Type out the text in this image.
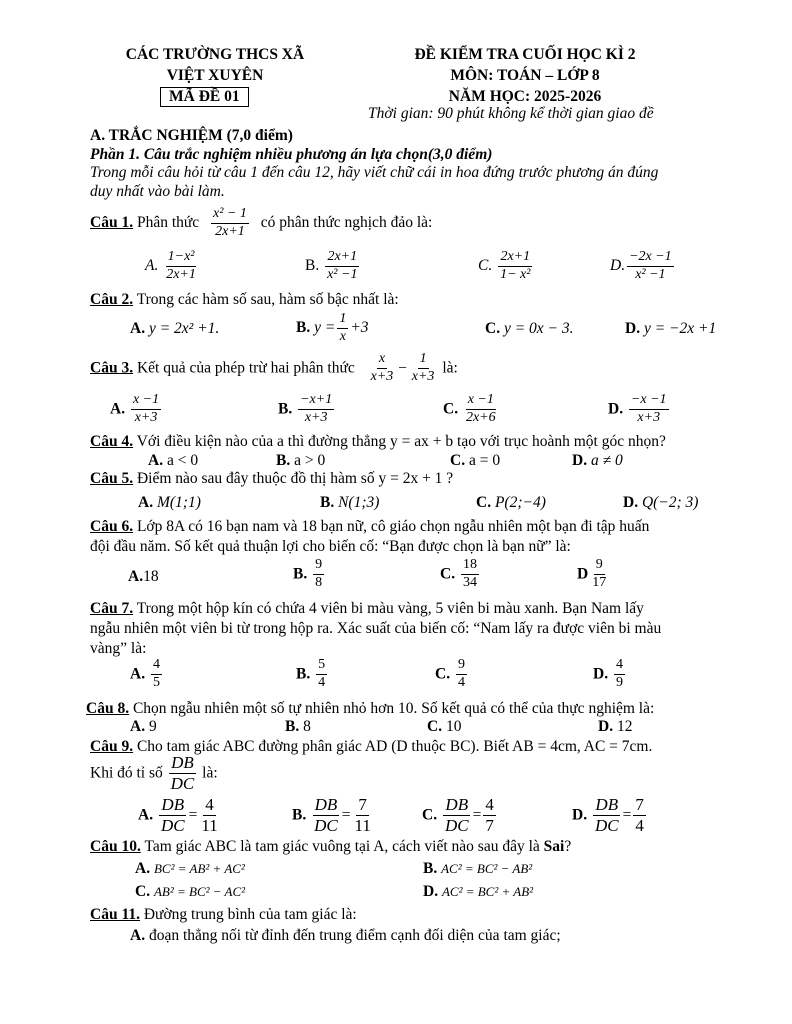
CÁC TRƯỜNG THCS XÃ
VIỆT XUYÊN
MÃ ĐỀ 01
ĐỀ KIỂM TRA CUỐI HỌC KÌ 2
MÔN: TOÁN – LỚP 8
NĂM HỌC: 2025-2026
Thời gian: 90 phút không kể thời gian giao đề
A. TRẮC NGHIỆM (7,0 điểm)
Phần 1. Câu trắc nghiệm nhiều phương án lựa chọn(3,0 điểm)
Trong mỗi câu hỏi từ câu 1 đến câu 12, hãy viết chữ cái in hoa đứng trước phương án đúng
duy nhất vào bài làm.
Câu 1. Phân thức $\frac{\text{x² − 1}}{2x+1}$ có phân thức nghịch đảo là:
A. $\frac{\text{1−x²}}{2x+1}$	B. $\frac{2x+1}{\text{x² −1}}$	C. $\frac{2x+1}{\text{1− x²}}$	D. $\frac{-2x -1}{\text{x² −1}}$
Câu 2. Trong các hàm số sau, hàm số bậc nhất là:
A. y = 2x² +1.	B. $y = \frac{1}{x} +3$	C. y = 0x − 3.	D. y = −2x +1
Câu 3. Kết quả của phép trừ hai phân thức $\frac{x}{x+3} - \frac{1}{x+3}$ là:
A. $\frac{x -1}{x+3}$	B. $\frac{-x+1}{x+3}$	C. $\frac{x -1}{2x+6}$	D. $\frac{-x -1}{x+3}$
Câu 4. Với điều kiện nào của a thì đường thẳng y = ax + b tạo với trục hoành một góc nhọn?
A. a < 0	B. a > 0	C. a = 0	D. a ≠ 0
Câu 5. Điểm nào sau đây thuộc đồ thị hàm số y = 2x + 1 ?
A. M(1;1)	B. N(1;3)	C. P(2;−4)	D. Q(−2; 3)
Câu 6. Lớp 8A có 16 bạn nam và 18 bạn nữ, cô giáo chọn ngẫu nhiên một bạn đi tập huấn
đội đầu năm. Số kết quả thuận lợi cho biến cố: “Bạn được chọn là bạn nữ” là:
A.18	B. $\frac{9}{8}$	C. $\frac{18}{34}$	D $\frac{9}{17}$
Câu 7. Trong một hộp kín có chứa 4 viên bi màu vàng, 5 viên bi màu xanh. Bạn Nam lấy
ngẫu nhiên một viên bi từ trong hộp ra. Xác suất của biến cố: “Nam lấy ra được viên bi màu
vàng” là:
A. $\frac{4}{5}$	B. $\frac{5}{4}$	C. $\frac{9}{4}$	D. $\frac{4}{9}$
Câu 8. Chọn ngẫu nhiên một số tự nhiên nhỏ hơn 10. Số kết quả có thể của thực nghiệm là:
A. 9	B. 8	C. 10	D. 12
Câu 9. Cho tam giác ABC đường phân giác AD (D thuộc BC). Biết AB = 4cm, AC = 7cm.
Khi đó tỉ số $\frac{DB}{DC}$ là:
A. $\frac{DB}{DC} = \frac{4}{11}$	B. $\frac{DB}{DC} = \frac{7}{11}$	C. $\frac{DB}{DC} = \frac{4}{7}$	D. $\frac{DB}{DC} = \frac{7}{4}$
Câu 10. Tam giác ABC là tam giác vuông tại A, cách viết nào sau đây là Sai?
A. BC² = AB² + AC²	B. AC² = BC² − AB²
C. AB² = BC² − AC²	D. AC² = BC² + AB²
Câu 11. Đường trung bình của tam giác là:
A. đoạn thẳng nối từ đỉnh đến trung điểm cạnh đối diện của tam giác;
